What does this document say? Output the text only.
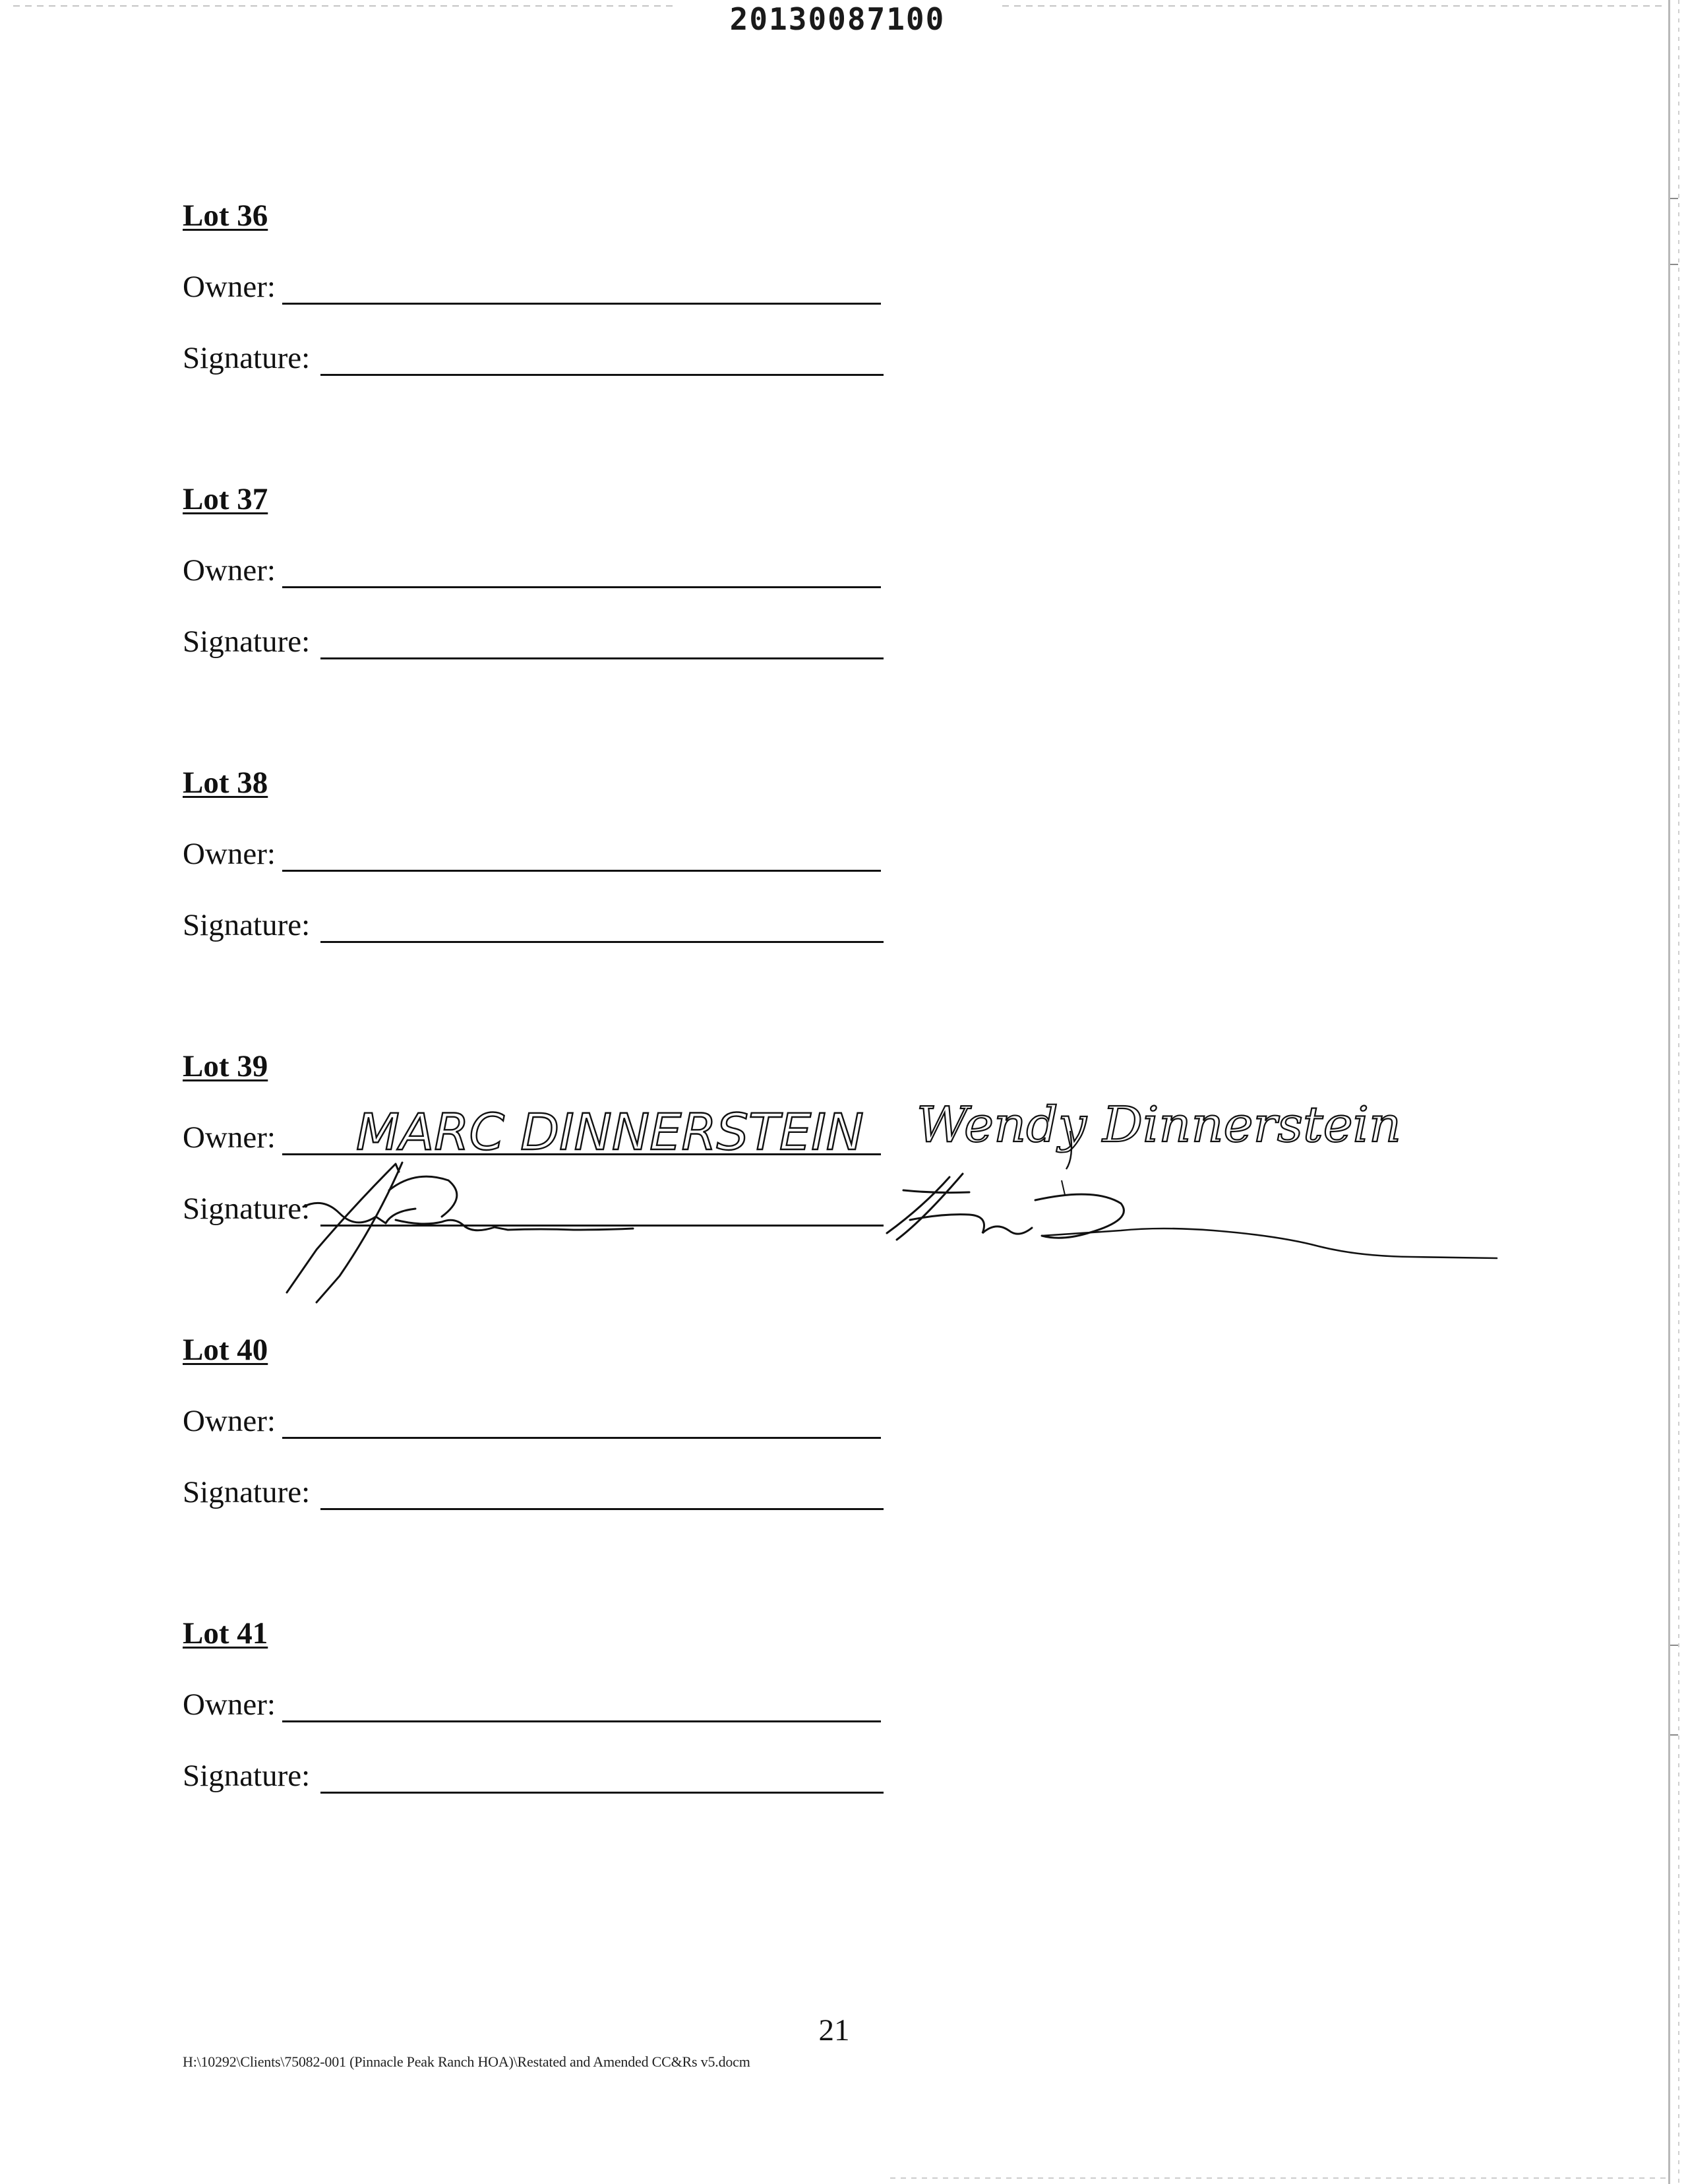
20130087100
Lot 36
Owner:
Signature:
Lot 37
Owner:
Signature:
Lot 38
Owner:
Signature:
Lot 39
Owner:
Signature:
MARC DINNERSTEIN Wendy Dinnerstein
Lot 40
Owner:
Signature:
Lot 41
Owner:
Signature:
21
H:\10292\Clients\75082-001 (Pinnacle Peak Ranch HOA)\Restated and Amended CC&Rs v5.docm
